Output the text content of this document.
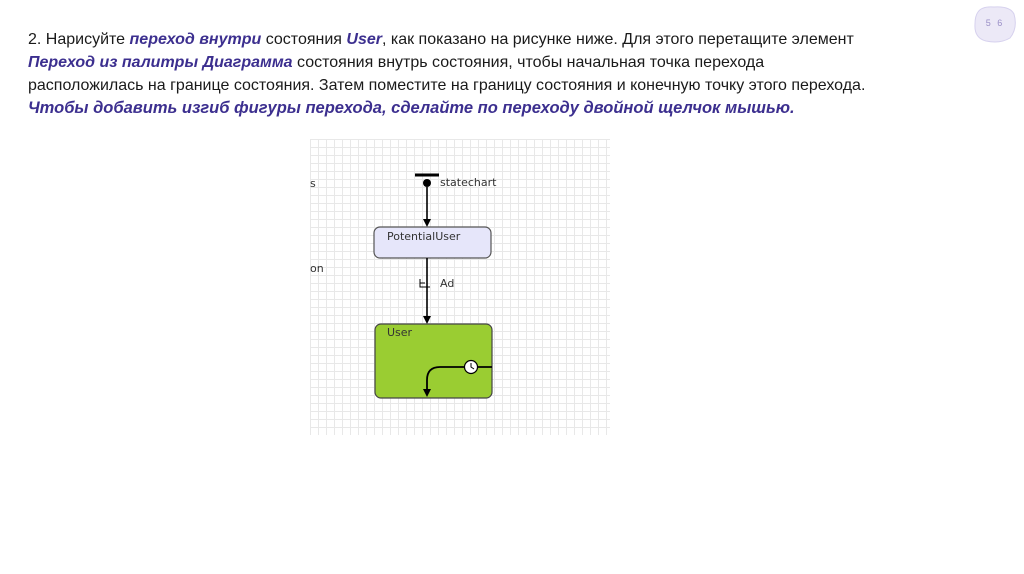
5 6
2. Нарисуйте переход внутри состояния User, как показано на рисунке ниже. Для этого перетащите элемент
Переход из палитры Диаграмма состояния внутрь состояния, чтобы начальная точка перехода
расположилась на границе состояния. Затем поместите на границу состояния и конечную точку этого перехода.
Чтобы добавить изгиб фигуры перехода, сделайте по переходу двойной щелчок мышью.
s
on
statechart
PotentialUser
Ad
User
